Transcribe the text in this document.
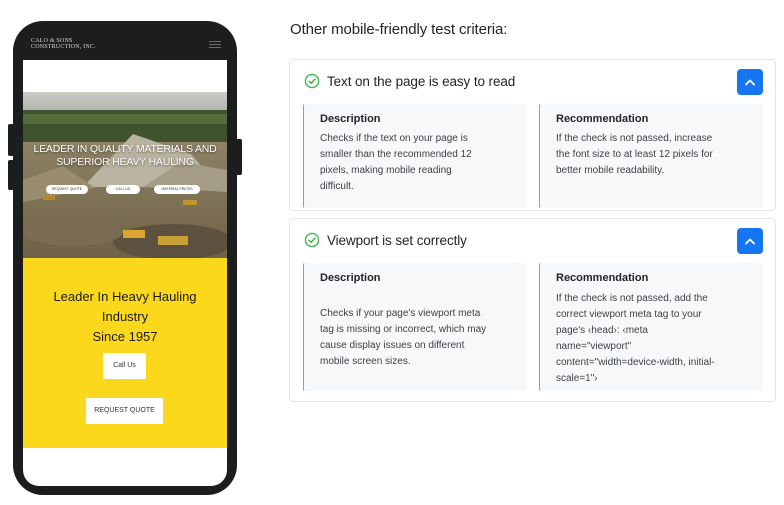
CALO & SONS
CONSTRUCTION, INC.
LEADER IN QUALITY MATERIALS AND
SUPERIOR HEAVY HAULING
REQUEST QUOTE	CALL US	MATERIAL PRICES
Leader In Heavy Hauling
Industry
Since 1957
Call Us
REQUEST QUOTE
Other mobile-friendly test criteria:
Text on the page is easy to read
Description
Checks if the text on your page is
smaller than the recommended 12
pixels, making mobile reading
difficult.
Recommendation
If the check is not passed, increase
the font size to at least 12 pixels for
better mobile readability.
Viewport is set correctly
Description
Checks if your page's viewport meta
tag is missing or incorrect, which may
cause display issues on different
mobile screen sizes.
Recommendation
If the check is not passed, add the
correct viewport meta tag to your
page's ‹head›: ‹meta
name="viewport"
content="width=device-width, initial-
scale=1"›
